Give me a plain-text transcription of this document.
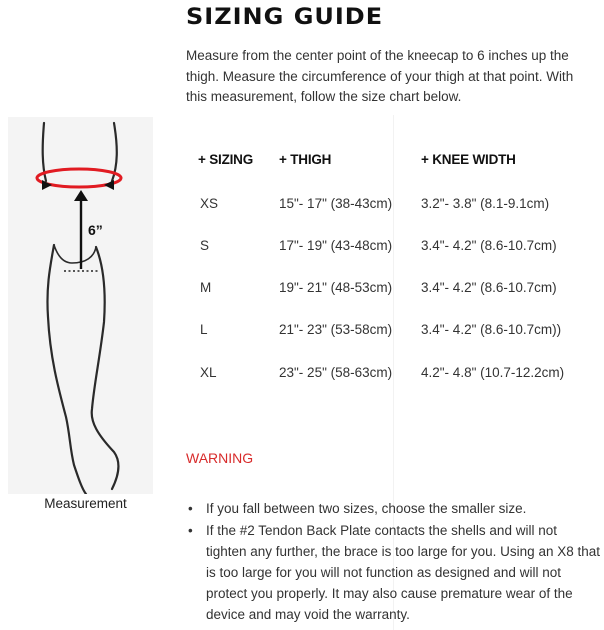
SIZING GUIDE
Measure from the center point of the kneecap to 6 inches up the thigh. Measure the circumference of your thigh at that point. With this measurement, follow the size chart below.
6”
Measurement
+ SIZING + THIGH	+ KNEE WIDTH
XS	15"- 17" (38-43cm) 3.2"- 3.8" (8.1-9.1cm)
S	17"- 19" (43-48cm) 3.4"- 4.2" (8.6-10.7cm)
M	19"- 21" (48-53cm) 3.4"- 4.2" (8.6-10.7cm)
L	21"- 23" (53-58cm) 3.4"- 4.2" (8.6-10.7cm))
XL	23"- 25" (58-63cm) 4.2"- 4.8" (10.7-12.2cm)
WARNING
• If you fall between two sizes, choose the smaller size.
• If the #2 Tendon Back Plate contacts the shells and will not tighten any further, the brace is too large for you. Using an X8 that is too large for you will not function as designed and will not protect you properly. It may also cause premature wear of the device and may void the warranty.
